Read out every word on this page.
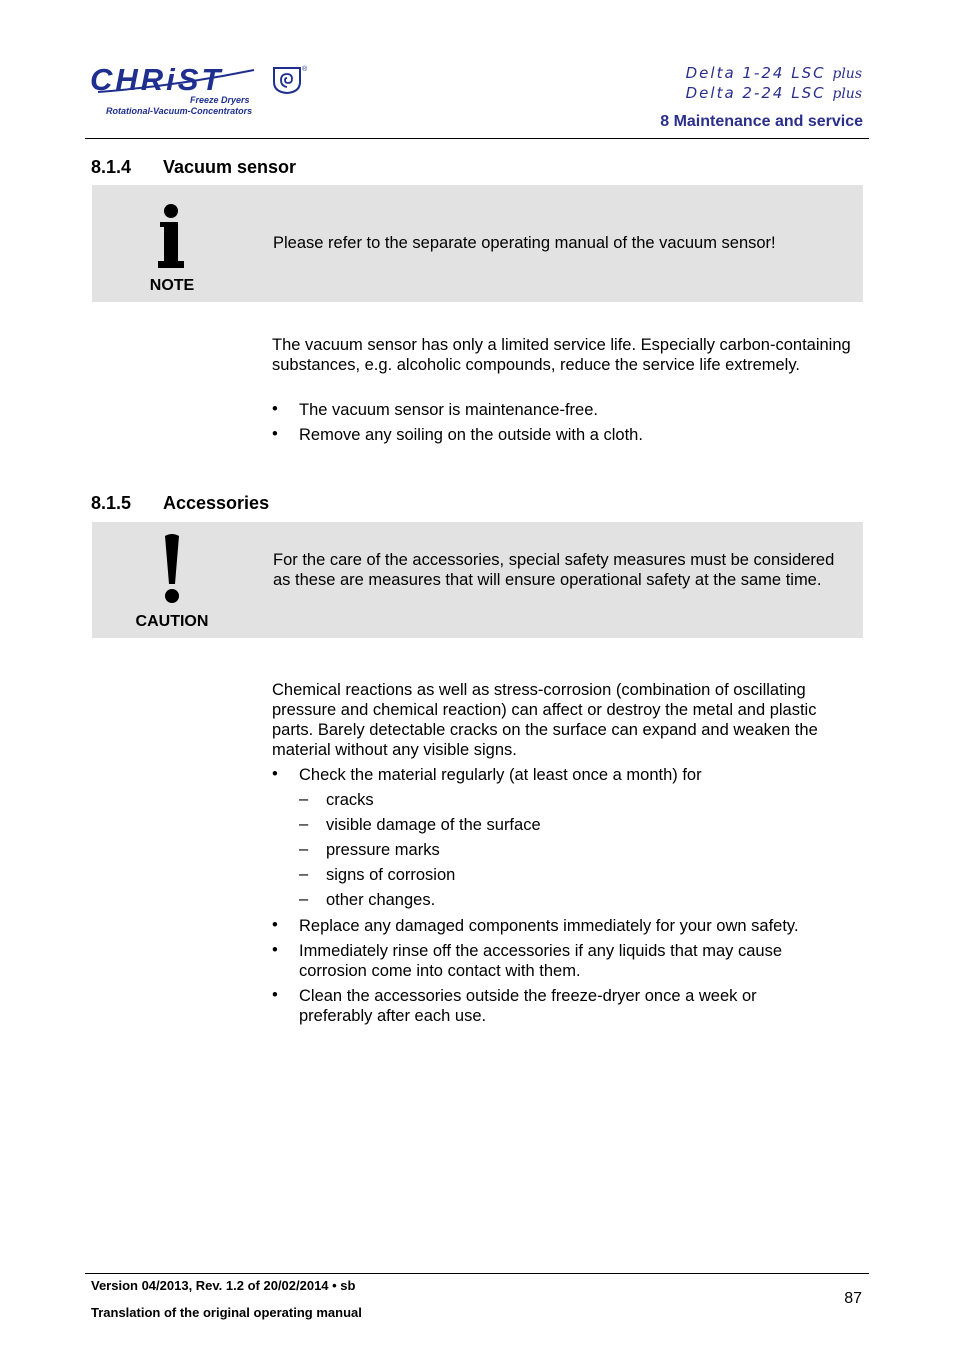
CHRiST
Freeze Dryers
Rotational-Vacuum-Concentrators
®	Delta 1-24 LSC plus
Delta 2-24 LSC plus
8 Maintenance and service
8.1.4 Vacuum sensor
NOTE
Please refer to the separate operating manual of the vacuum sensor!
The vacuum sensor has only a limited service life. Especially carbon-containing substances, e.g. alcoholic compounds, reduce the service life extremely.
• The vacuum sensor is maintenance-free.
• Remove any soiling on the outside with a cloth.
8.1.5 Accessories
CAUTION
For the care of the accessories, special safety measures must be considered as these are measures that will ensure operational safety at the same time.
Chemical reactions as well as stress-corrosion (combination of oscillating pressure and chemical reaction) can affect or destroy the metal and plastic parts. Barely detectable cracks on the surface can expand and weaken the material without any visible signs.
• Check the material regularly (at least once a month) for
– cracks
– visible damage of the surface
– pressure marks
– signs of corrosion
– other changes.
• Replace any damaged components immediately for your own safety.
• Immediately rinse off the accessories if any liquids that may cause corrosion come into contact with them.
• Clean the accessories outside the freeze-dryer once a week or preferably after each use.
Version 04/2013, Rev. 1.2 of 20/02/2014 • sb
Translation of the original operating manual
87
